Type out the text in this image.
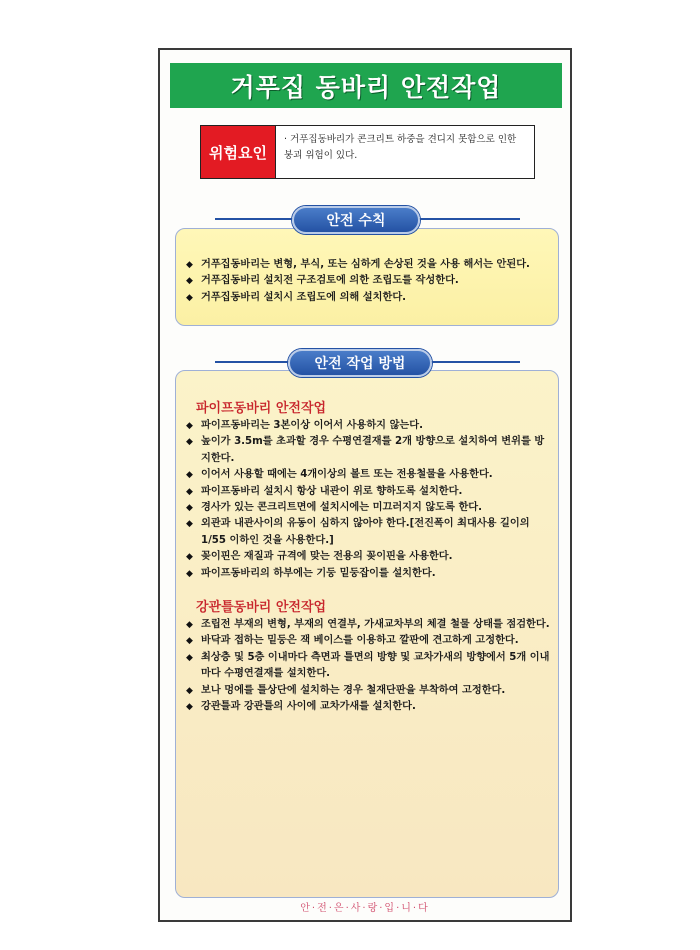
거푸집 동바리 안전작업
위험요인
· 거푸집동바리가 콘크리트 하중을 견디지 못함으로 인한 붕괴 위험이 있다.
◆ 거푸집동바리는 변형, 부식, 또는 심하게 손상된 것을 사용 해서는 안된다.
◆ 거푸집동바리 설치전 구조검토에 의한 조립도를 작성한다.
◆ 거푸집동바리 설치시 조립도에 의해 설치한다.
안전 수칙
파이프동바리 안전작업
◆ 파이프동바리는 3본이상 이어서 사용하지 않는다.
◆ 높이가 3.5m를 초과할 경우 수평연결재를 2개 방향으로 설치하여 변위를 방지한다.
◆ 이어서 사용할 때에는 4개이상의 볼트 또는 전용철물을 사용한다.
◆ 파이프동바리 설치시 항상 내관이 위로 향하도록 설치한다.
◆ 경사가 있는 콘크리트면에 설치시에는 미끄러지지 않도록 한다.
◆ 외관과 내관사이의 유동이 심하지 않아야 한다.[전진폭이 최대사용 길이의 1/55 이하인 것을 사용한다.]
◆ 꽂이핀은 재질과 규격에 맞는 전용의 꽂이핀을 사용한다.
◆ 파이프동바리의 하부에는 기둥 밑둥잡이를 설치한다.
강관틀동바리 안전작업
◆ 조립전 부재의 변형, 부재의 연결부, 가새교차부의 체결 철물 상태를 점검한다.
◆ 바닥과 접하는 밑둥은 잭 베이스를 이용하고 깔판에 견고하게 고정한다.
◆ 최상층 및 5층 이내마다 측면과 틀면의 방향 및 교차가새의 방향에서 5개 이내마다 수평연결재를 설치한다.
◆ 보나 멍에를 틀상단에 설치하는 경우 철재단판을 부착하여 고정한다.
◆ 강관틀과 강관틀의 사이에 교차가새를 설치한다.
안전 작업 방법
안·전·은·사·랑·입·니·다
